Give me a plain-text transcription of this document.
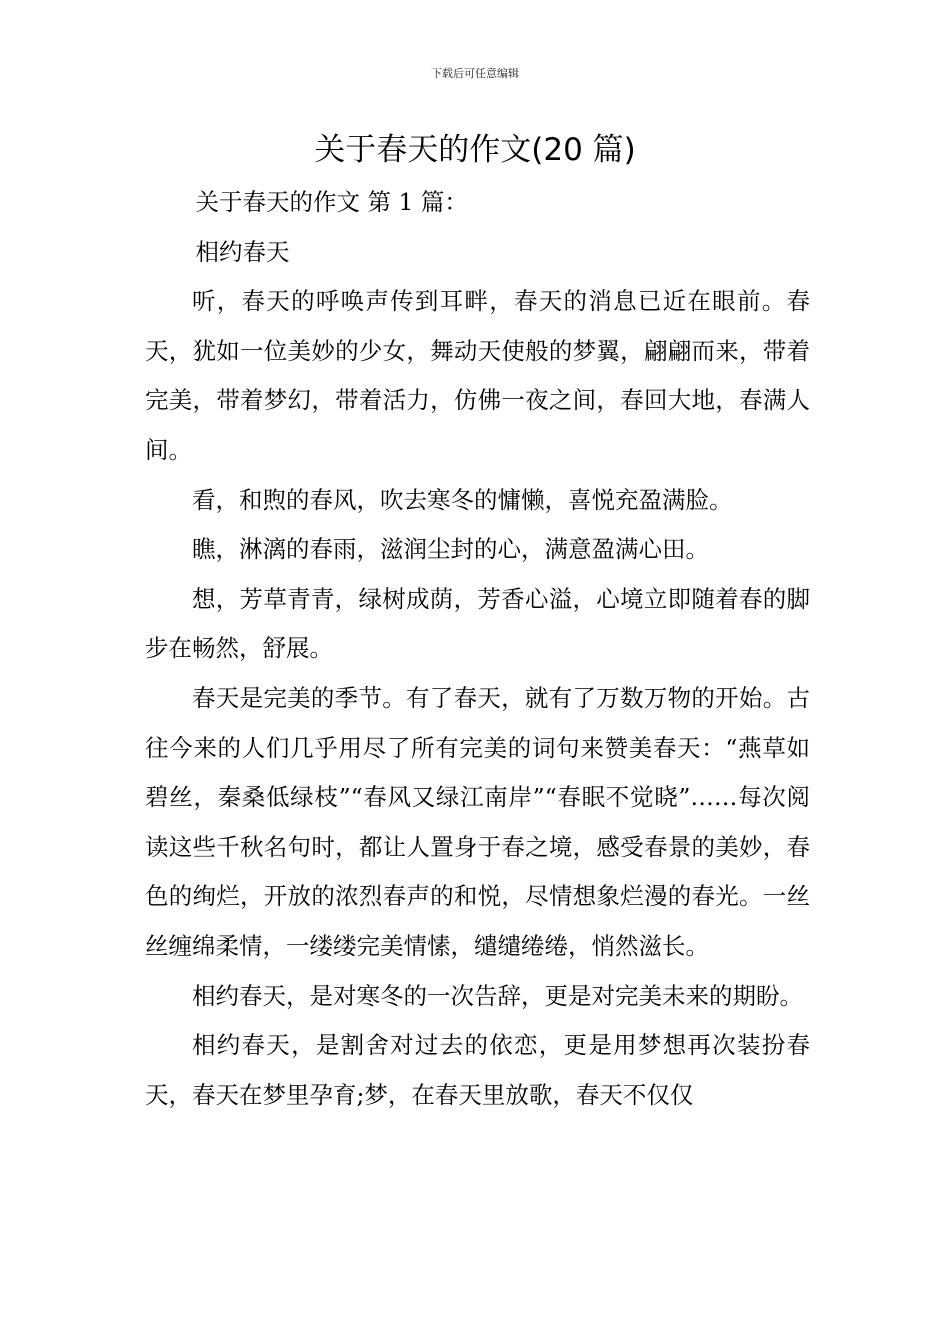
下载后可任意编辑
关于春天的作文(20 篇)

关于春天的作文 第 1 篇：

相约春天

听，春天的呼唤声传到耳畔，春天的消息已近在眼前。春天，犹如一位美妙的少女，舞动天使般的梦翼，翩翩而来，带着完美，带着梦幻，带着活力，仿佛一夜之间，春回大地，春满人间。

看，和煦的春风，吹去寒冬的慵懒，喜悦充盈满脸。

瞧，淋漓的春雨，滋润尘封的心，满意盈满心田。

想，芳草青青，绿树成荫，芳香心溢，心境立即随着春的脚步在畅然，舒展。

春天是完美的季节。有了春天，就有了万数万物的开始。古往今来的人们几乎用尽了所有完美的词句来赞美春天：“燕草如碧丝，秦桑低绿枝”“春风又绿江南岸”“春眠不觉晓”……每次阅读这些千秋名句时，都让人置身于春之境，感受春景的美妙，春色的绚烂，开放的浓烈春声的和悦，尽情想象烂漫的春光。一丝丝缠绵柔情，一缕缕完美情愫，缱缱绻绻，悄然滋长。

相约春天，是对寒冬的一次告辞，更是对完美未来的期盼。

相约春天，是割舍对过去的依恋，更是用梦想再次装扮春天，春天在梦里孕育;梦，在春天里放歌，春天不仅仅
